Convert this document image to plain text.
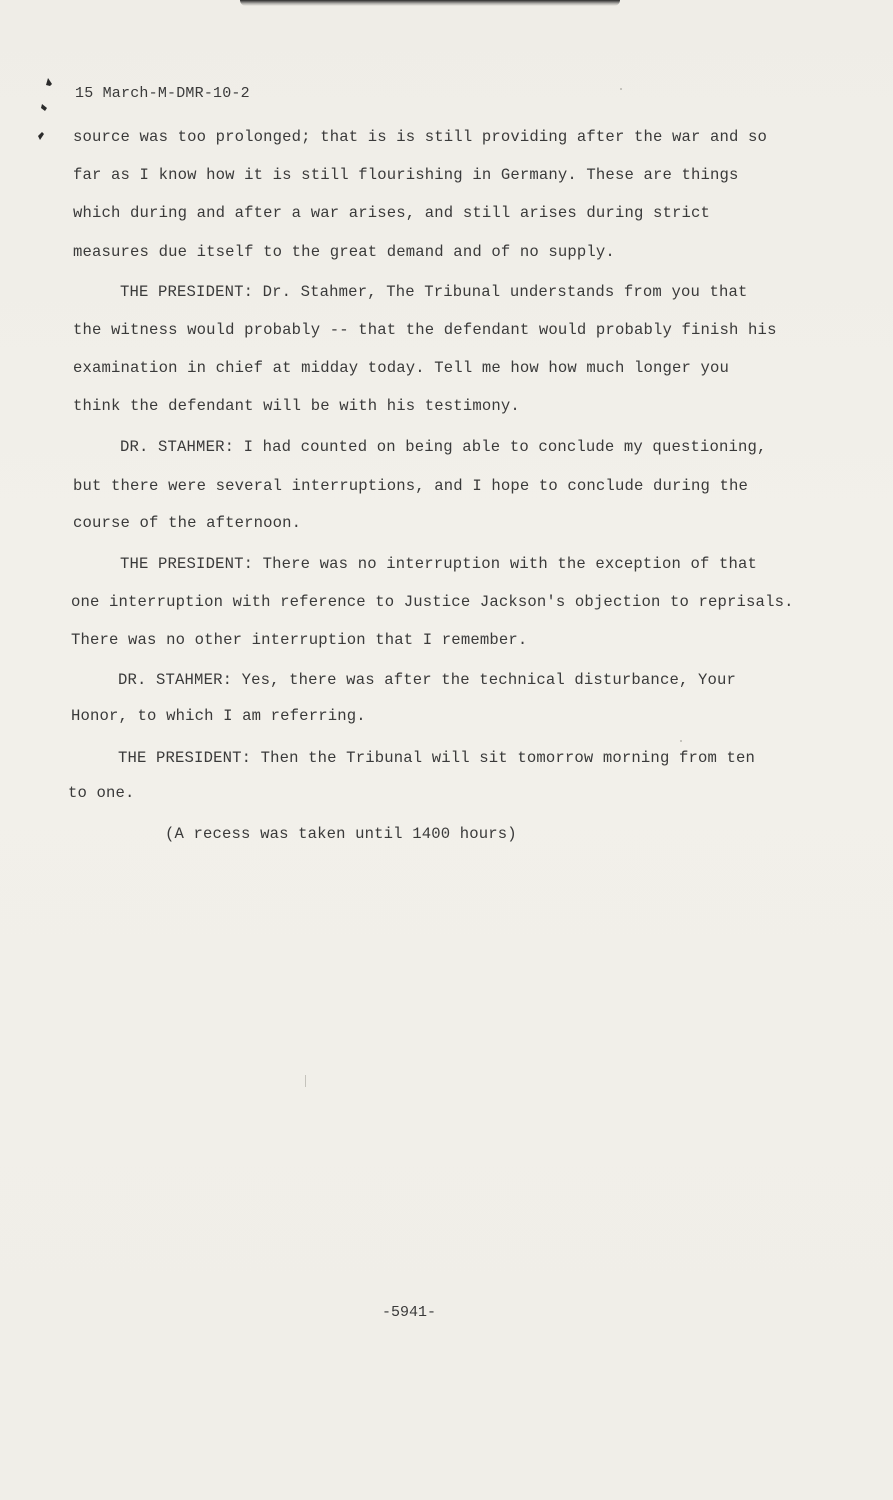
15 March-M-DMR-10-2
source was too prolonged; that is is still providing after the war and so
far as I know how it is still flourishing in Germany. These are things
which during and after a war arises, and still arises during strict
measures due itself to the great demand and of no supply.
THE PRESIDENT: Dr. Stahmer, The Tribunal understands from you that
the witness would probably -- that the defendant would probably finish his
examination in chief at midday today. Tell me how how much longer you
think the defendant will be with his testimony.
DR. STAHMER: I had counted on being able to conclude my questioning,
but there were several interruptions, and I hope to conclude during the
course of the afternoon.
THE PRESIDENT: There was no interruption with the exception of that
one interruption with reference to Justice Jackson's objection to reprisals.
There was no other interruption that I remember.
DR. STAHMER: Yes, there was after the technical disturbance, Your
Honor, to which I am referring.
THE PRESIDENT: Then the Tribunal will sit tomorrow morning from ten
to one.
(A recess was taken until 1400 hours)
-5941-
